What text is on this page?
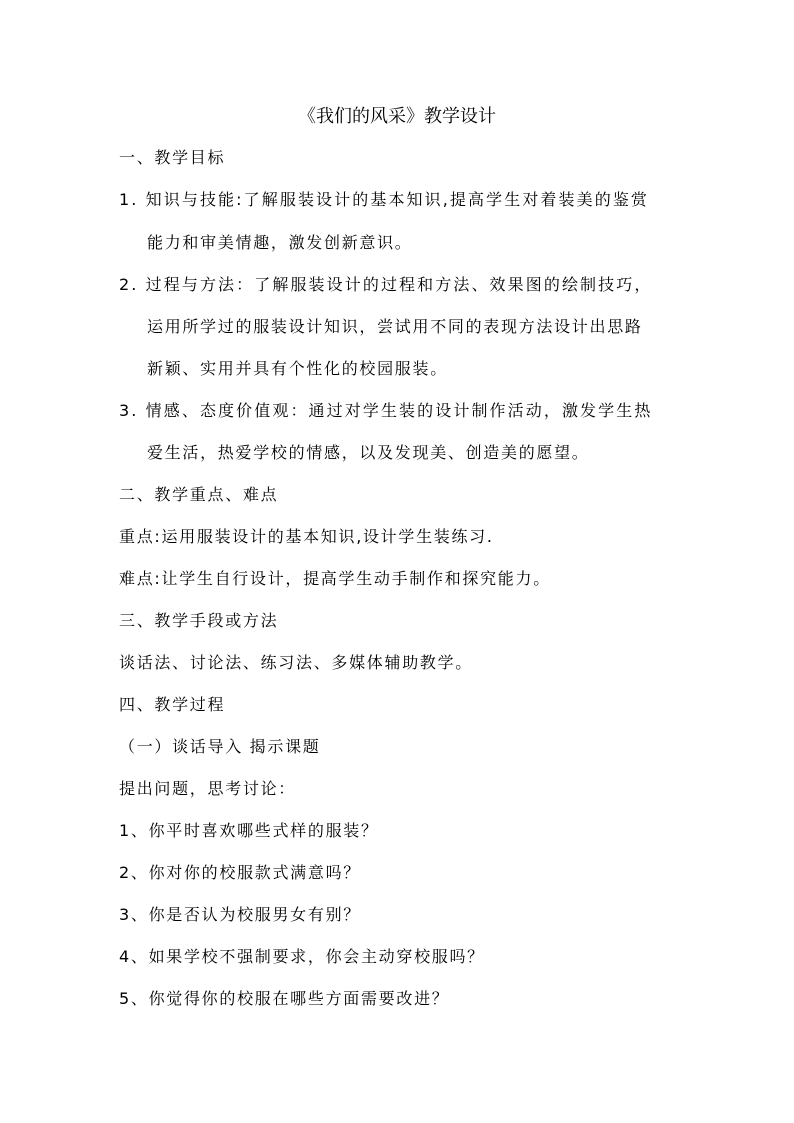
《我们的风采》教学设计
一、教学目标
1. 知识与技能:了解服装设计的基本知识,提高学生对着装美的鉴赏
能力和审美情趣，激发创新意识。
2. 过程与方法：了解服装设计的过程和方法、效果图的绘制技巧，
运用所学过的服装设计知识，尝试用不同的表现方法设计出思路
新颖、实用并具有个性化的校园服装。
3. 情感、态度价值观：通过对学生装的设计制作活动，激发学生热
爱生活，热爱学校的情感，以及发现美、创造美的愿望。
二、教学重点、难点
重点:运用服装设计的基本知识,设计学生装练习.
难点:让学生自行设计，提高学生动手制作和探究能力。
三、教学手段或方法
谈话法、讨论法、练习法、多媒体辅助教学。
四、教学过程
（一）谈话导入 揭示课题
提出问题，思考讨论：
1、你平时喜欢哪些式样的服装？
2、你对你的校服款式满意吗？
3、你是否认为校服男女有别？
4、如果学校不强制要求，你会主动穿校服吗？
5、你觉得你的校服在哪些方面需要改进？
